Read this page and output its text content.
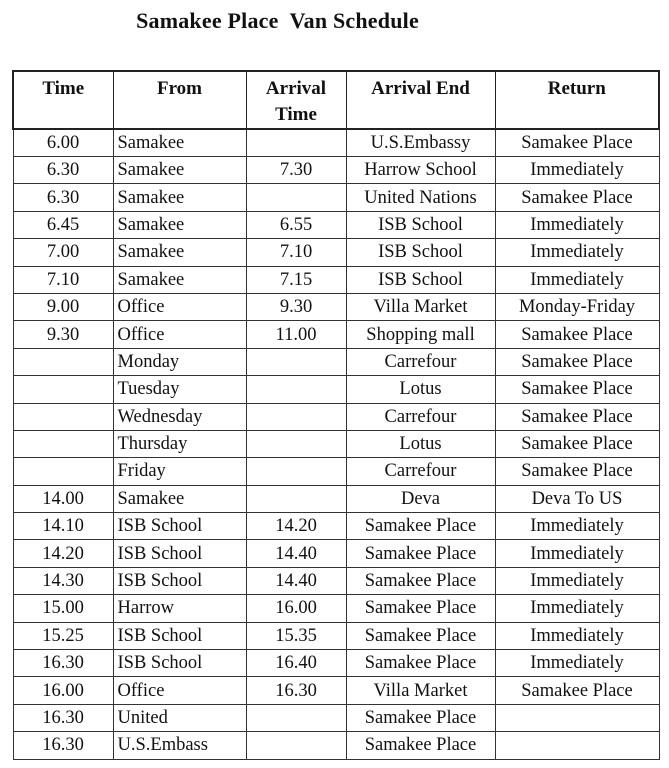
Samakee Place  Van Schedule
Time	From	Arrival Time	Arrival End	Return
6.00	Samakee		U.S.Embassy	Samakee Place
6.30	Samakee	7.30	Harrow School	Immediately
6.30	Samakee		United Nations	Samakee Place
6.45	Samakee	6.55	ISB School	Immediately
7.00	Samakee	7.10	ISB School	Immediately
7.10	Samakee	7.15	ISB School	Immediately
9.00	Office	9.30	Villa Market	Monday-Friday
9.30	Office	11.00	Shopping mall	Samakee Place
	Monday		Carrefour	Samakee Place
	Tuesday		Lotus	Samakee Place
	Wednesday		Carrefour	Samakee Place
	Thursday		Lotus	Samakee Place
	Friday		Carrefour	Samakee Place
14.00	Samakee		Deva	Deva To US
14.10	ISB School	14.20	Samakee Place	Immediately
14.20	ISB School	14.40	Samakee Place	Immediately
14.30	ISB School	14.40	Samakee Place	Immediately
15.00	Harrow	16.00	Samakee Place	Immediately
15.25	ISB School	15.35	Samakee Place	Immediately
16.30	ISB School	16.40	Samakee Place	Immediately
16.00	Office	16.30	Villa Market	Samakee Place
16.30	United		Samakee Place	
16.30	U.S.Embass		Samakee Place	
